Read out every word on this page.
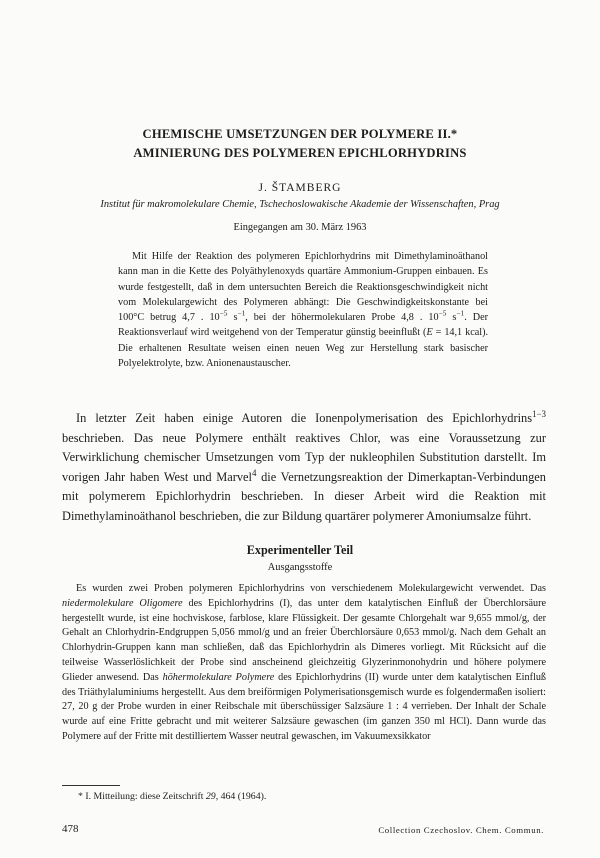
CHEMISCHE UMSETZUNGEN DER POLYMERE II.*
AMINIERUNG DES POLYMEREN EPICHLORHYDRINS
J. ŠTAMBERG
Institut für makromolekulare Chemie, Tschechoslowakische Akademie der Wissenschaften, Prag
Eingegangen am 30. März 1963

Mit Hilfe der Reaktion des polymeren Epichlorhydrins mit Dimethylaminoäthanol kann man in die Kette des Polyäthylenoxyds quartäre Ammonium-Gruppen einbauen. Es wurde festgestellt, daß in dem untersuchten Bereich die Reaktionsgeschwindigkeit nicht vom Molekulargewicht des Polymeren abhängt: Die Geschwindigkeitskonstante bei 100°C betrug 4,7 . $10^{-5}$ $s^{-1}$, bei der höhermolekularen Probe 4,8 . $10^{-5}$ $s^{-1}$. Der Reaktionsverlauf wird weitgehend von der Temperatur günstig beeinflußt (E = 14,1 kcal). Die erhaltenen Resultate weisen einen neuen Weg zur Herstellung stark basischer Polyelektrolyte, bzw. Anionenaustauscher.

In letzter Zeit haben einige Autoren die Ionenpolymerisation des Epichlorhydrins$^{1-3}$ beschrieben. Das neue Polymere enthält reaktives Chlor, was eine Voraussetzung zur Verwirklichung chemischer Umsetzungen vom Typ der nukleophilen Substitution darstellt. Im vorigen Jahr haben West und Marvel$^4$ die Vernetzungsreaktion der Dimerkaptan-Verbindungen mit polymerem Epichlorhydrin beschrieben. In dieser Arbeit wird die Reaktion mit Dimethylaminoäthanol beschrieben, die zur Bildung quartärer polymerer Amoniumsalze führt.

Experimenteller Teil
Ausgangsstoffe

Es wurden zwei Proben polymeren Epichlorhydrins von verschiedenem Molekulargewicht verwendet. Das niedermolekulare Oligomere des Epichlorhydrins (I), das unter dem katalytischen Einfluß der Überchlorsäure hergestellt wurde, ist eine hochviskose, farblose, klare Flüssigkeit. Der gesamte Chlorgehalt war 9,655 mmol/g, der Gehalt an Chlorhydrin-Endgruppen 5,056 mmol/g und an freier Überchlorsäure 0,653 mmol/g. Nach dem Gehalt an Chlorhydrin-Gruppen kann man schließen, daß das Epichlorhydrin als Dimeres vorliegt. Mit Rücksicht auf die teilweise Wasserlöslichkeit der Probe sind anscheinend gleichzeitig Glyzerinmonohydrin und höhere polymere Glieder anwesend. Das höhermolekulare Polymere des Epichlorhydrins (II) wurde unter dem katalytischen Einfluß des Triäthylaluminiums hergestellt. Aus dem breiförmigen Polymerisationsgemisch wurde es folgendermaßen isoliert: 27, 20 g der Probe wurden in einer Reibschale mit überschüssiger Salzsäure 1 : 4 verrieben. Der Inhalt der Schale wurde auf eine Fritte gebracht und mit weiterer Salzsäure gewaschen (im ganzen 350 ml HCl). Dann wurde das Polymere auf der Fritte mit destilliertem Wasser neutral gewaschen, im Vakuumexsikkator

* I. Mitteilung: diese Zeitschrift 29, 464 (1964).
478	Collection Czechoslov. Chem. Commun.
